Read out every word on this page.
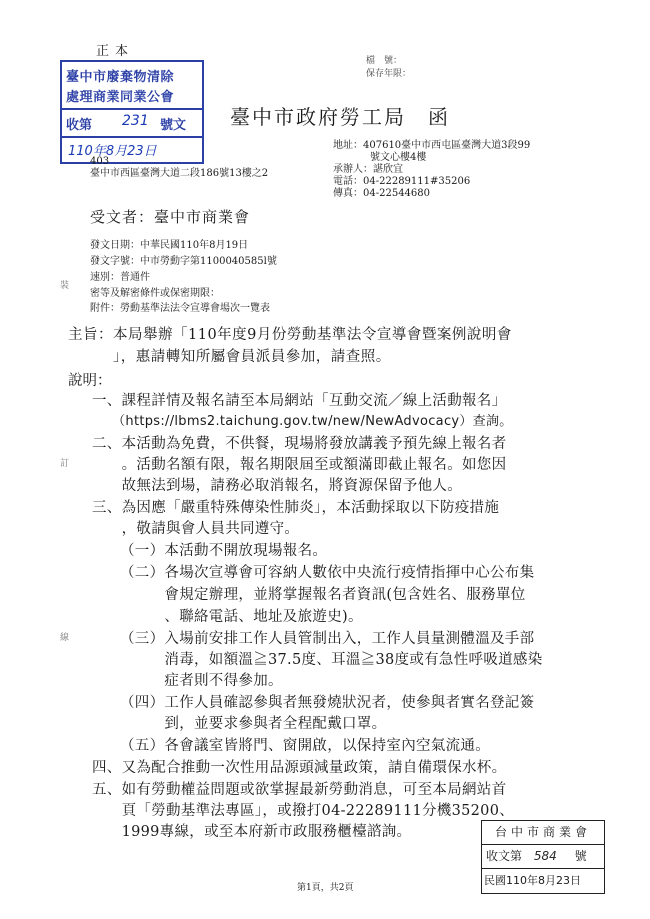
正本
檔　號：
保存年限：
臺中市廢棄物清除
處理商業同業公會
收第 231 號文
110年8月23日
臺中市政府勞工局　函
403
臺中市西區臺灣大道二段186號13樓之2
地址：407610臺中市西屯區臺灣大道3段99
號文心樓4樓
承辦人：諶欣宜
電話：04-22289111#35206
傳真：04-22544680
受文者：臺中市商業會
發文日期：中華民國110年8月19日
發文字號：中市勞動字第1100040585l號
速別：普通件
密等及解密條件或保密期限：
附件：勞動基準法法令宣導會場次一覽表
裝
訂
線
主旨：本局舉辦「110年度9月份勞動基準法令宣導會暨案例說明會
　　　」，惠請轉知所屬會員派員參加，請查照。
說明：
一、課程詳情及報名請至本局網站「互動交流／線上活動報名」
　　（https://lbms2.taichung.gov.tw/new/NewAdvocacy）查詢。
二、本活動為免費，不供餐，現場將發放講義予預先線上報名者
　　。活動名額有限，報名期限屆至或額滿即截止報名。如您因
　　故無法到場，請務必取消報名，將資源保留予他人。
三、為因應「嚴重特殊傳染性肺炎」，本活動採取以下防疫措施
　　，敬請與會人員共同遵守。
（一）本活動不開放現場報名。
（二）各場次宣導會可容納人數依中央流行疫情指揮中心公布集
　　　會規定辦理，並將掌握報名者資訊(包含姓名、服務單位
　　　、聯絡電話、地址及旅遊史)。
（三）入場前安排工作人員管制出入，工作人員量測體溫及手部
　　　消毒，如額溫≧37.5度、耳溫≧38度或有急性呼吸道感染
　　　症者則不得參加。
（四）工作人員確認參與者無發燒狀況者，使參與者實名登記簽
　　　到，並要求參與者全程配戴口罩。
（五）各會議室皆將門、窗開啟，以保持室內空氣流通。
四、又為配合推動一次性用品源頭減量政策，請自備環保水杯。
五、如有勞動權益問題或欲掌握最新勞動消息，可至本局網站首
　　頁「勞動基準法專區」，或撥打04-22289111分機35200、
　　1999專線，或至本府新市政服務櫃檯諮詢。	台中市商業會
收文第 584 號
民國110年8月23日
第1頁，共2頁
